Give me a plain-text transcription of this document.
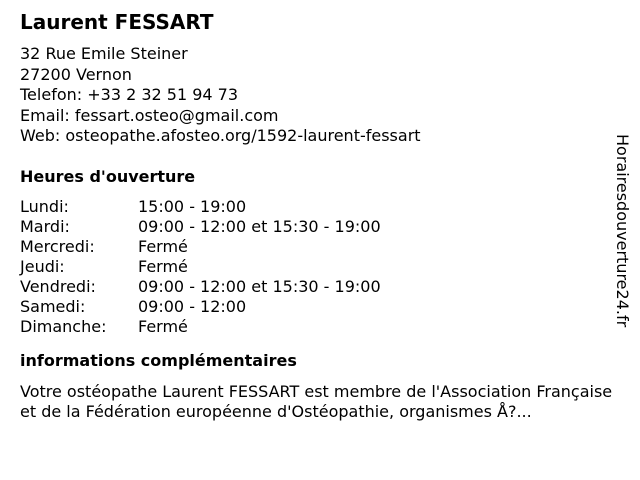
Laurent FESSART
32 Rue Emile Steiner
27200 Vernon
Telefon: +33 2 32 51 94 73
Email: fessart.osteo@gmail.com
Web: osteopathe.afosteo.org/1592-laurent-fessart
Heures d'ouverture
Lundi:	15:00 - 19:00
Mardi:	09:00 - 12:00 et 15:30 - 19:00
Mercredi:	Fermé
Jeudi:	Fermé
Vendredi:	09:00 - 12:00 et 15:30 - 19:00
Samedi:	09:00 - 12:00
Dimanche:	Fermé
informations complémentaires
Votre ostéopathe Laurent FESSART est membre de l'Association Française et de la Fédération européenne d'Ostéopathie, organismes Å?...
Horairesdouverture24.fr
